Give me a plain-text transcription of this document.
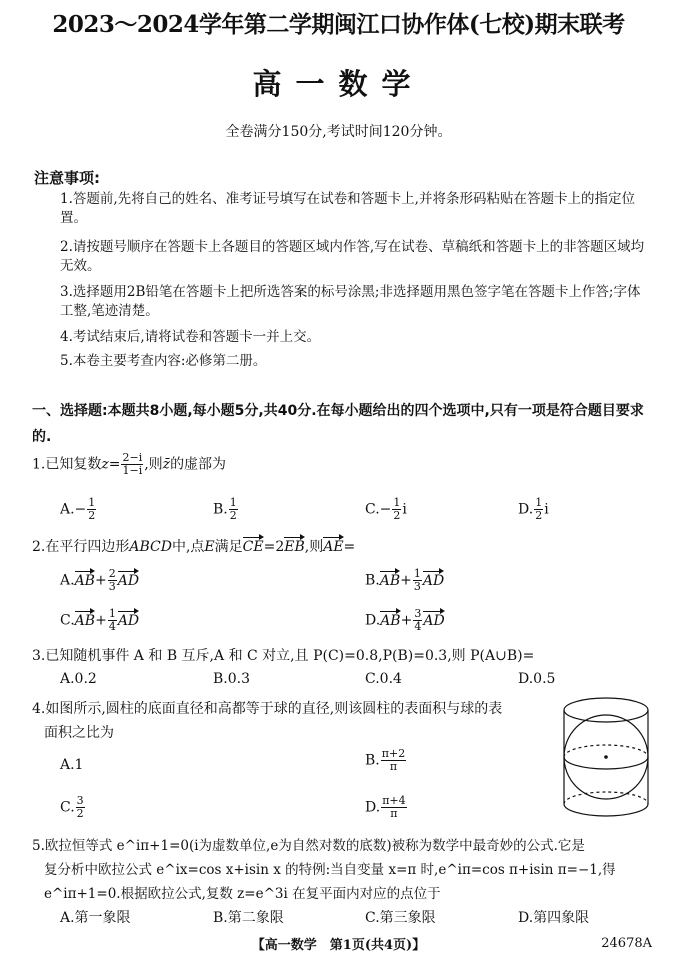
2023～2024学年第二学期闽江口协作体(七校)期末联考
高一数学
全卷满分150分,考试时间120分钟。
注意事项:
1.答题前,先将自己的姓名、准考证号填写在试卷和答题卡上,并将条形码粘贴在答题卡上的指定位置。
2.请按题号顺序在答题卡上各题目的答题区域内作答,写在试卷、草稿纸和答题卡上的非答题区域均无效。
3.选择题用2B铅笔在答题卡上把所选答案的标号涂黑;非选择题用黑色签字笔在答题卡上作答;字体工整,笔迹清楚。
4.考试结束后,请将试卷和答题卡一并上交。
5.本卷主要考查内容:必修第二册。
一、选择题:本题共8小题,每小题5分,共40分.在每小题给出的四个选项中,只有一项是符合题目要求的.
1.已知复数$z= \frac{2-i}{1-i}$ ,则z̄的虚部为
$A.- \frac{1}{2}$	B. $\frac{1}{2}$	$C.- \frac{1}{2}$ i	D. $\frac{1}{2}$ i
2.在平行四边形ABCD中,点E满足CE=2EB,则AE=
$A.AB+ \frac{2}{3}$ AD	$B.AB+ \frac{1}{3}$ AD
$C.AB+ \frac{1}{4}$ AD	$D.AB+ \frac{3}{4}$ AD
3.已知随机事件 A 和 B 互斥,A 和 C 对立,且 P(C)=0.8,P(B)=0.3,则 P(A∪B)=
A.0.2	B.0.3	C.0.4	D.0.5
4.如图所示,圆柱的底面直径和高都等于球的直径,则该圆柱的表面积与球的表
面积之比为
A.1	B. $\frac{\pi+2}{\pi}$
C. $\frac{3}{2}$	D. $\frac{\pi+4}{\pi}$
5.欧拉恒等式 e^iπ+1=0(i为虚数单位,e为自然对数的底数)被称为数学中最奇妙的公式.它是
复分析中欧拉公式 e^ix=cos x+isin x 的特例:当自变量 x=π 时,e^iπ=cos π+isin π=−1,得
e^iπ+1=0.根据欧拉公式,复数 z=e^3i 在复平面内对应的点位于
A.第一象限	B.第二象限	C.第三象限	D.第四象限
【高一数学　第1页(共4页)】	24678A
